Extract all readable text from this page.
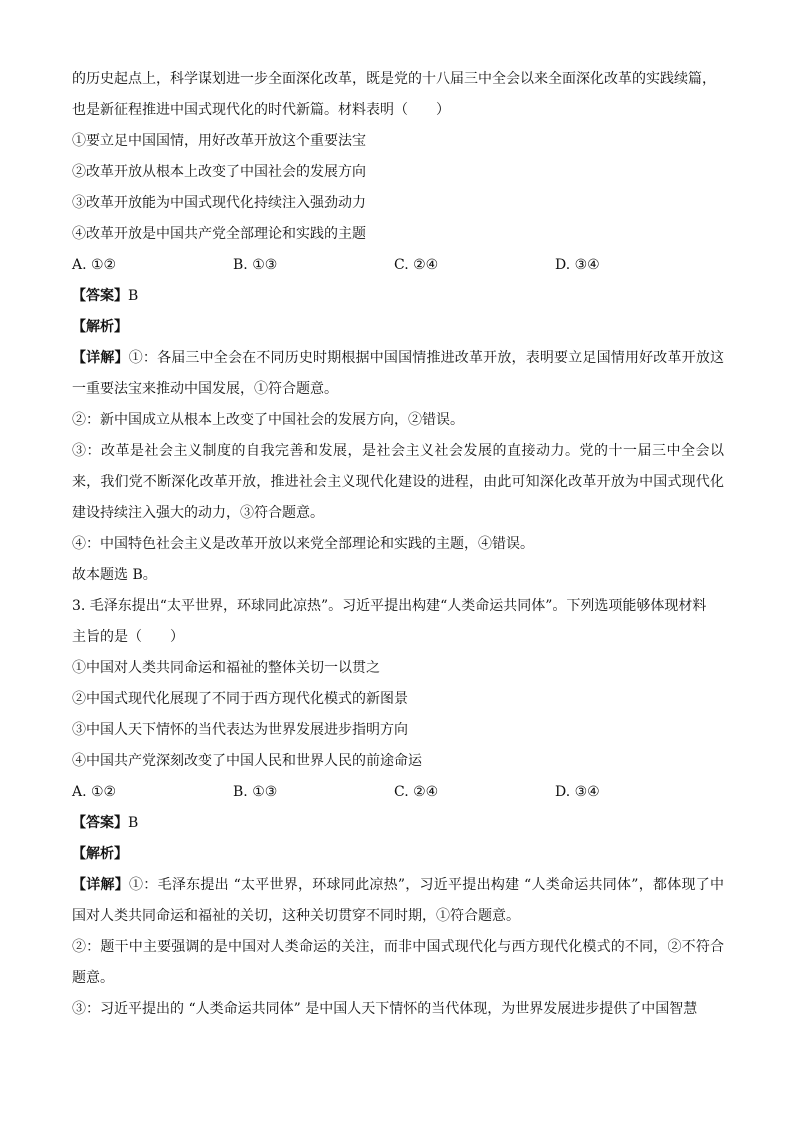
的历史起点上，科学谋划进一步全面深化改革，既是党的十八届三中全会以来全面深化改革的实践续篇，
也是新征程推进中国式现代化的时代新篇。材料表明（　　）
①要立足中国国情，用好改革开放这个重要法宝
②改革开放从根本上改变了中国社会的发展方向
③改革开放能为中国式现代化持续注入强劲动力
④改革开放是中国共产党全部理论和实践的主题
A. ①②	B. ①③	C. ②④	D. ③④
【答案】B
【解析】
【详解】①：各届三中全会在不同历史时期根据中国国情推进改革开放，表明要立足国情用好改革开放这一重要法宝来推动中国发展，①符合题意。
②：新中国成立从根本上改变了中国社会的发展方向，②错误。
③：改革是社会主义制度的自我完善和发展，是社会主义社会发展的直接动力。党的十一届三中全会以来，我们党不断深化改革开放，推进社会主义现代化建设的进程，由此可知深化改革开放为中国式现代化建设持续注入强大的动力，③符合题意。
④：中国特色社会主义是改革开放以来党全部理论和实践的主题，④错误。
故本题选 B。
3. 毛泽东提出“太平世界，环球同此凉热”。习近平提出构建“人类命运共同体”。下列选项能够体现材料
主旨的是（　　）
①中国对人类共同命运和福祉的整体关切一以贯之
②中国式现代化展现了不同于西方现代化模式的新图景
③中国人天下情怀的当代表达为世界发展进步指明方向
④中国共产党深刻改变了中国人民和世界人民的前途命运
A. ①②	B. ①③	C. ②④	D. ③④
【答案】B
【解析】
【详解】①：毛泽东提出 “太平世界，环球同此凉热”，习近平提出构建 “人类命运共同体”，都体现了中国对人类共同命运和福祉的关切，这种关切贯穿不同时期，①符合题意。
②：题干中主要强调的是中国对人类命运的关注，而非中国式现代化与西方现代化模式的不同，②不符合题意。
③：习近平提出的 “人类命运共同体” 是中国人天下情怀的当代体现，为世界发展进步提供了中国智慧
